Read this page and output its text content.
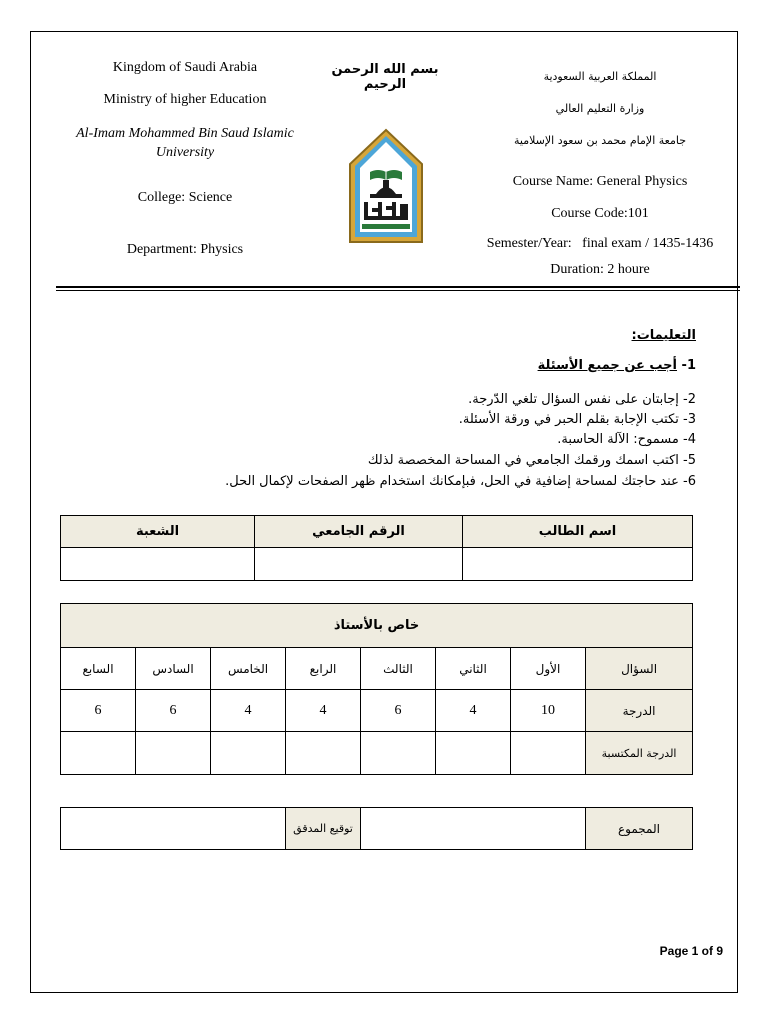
Kingdom of Saudi Arabia
Ministry of higher Education
Al-Imam Mohammed Bin Saud Islamic University
College: Science
Department: Physics
بسم الله الرحمن الرحيم
المملكة العربية السعودية
وزارة التعليم العالي
جامعة الإمام محمد بن سعود الإسلامية
Course Name: General Physics
Course Code:101
Semester/Year:   final exam / 1435-1436
Duration: 2 houre
التعليمات:
1- أجب عن جميع الأسئلة
2- إجابتان على نفس السؤال تلغي الدّرجة.
3- تكتب الإجابة بقلم الحبر في ورقة الأسئلة.
4- مسموح: الآلة الحاسبة.
5- اكتب اسمك ورقمك الجامعي في المساحة المخصصة لذلك
6- عند حاجتك لمساحة إضافية في الحل، فبإمكانك استخدام ظهر الصفحات لإكمال الحل.
الشعبة	الرقم الجامعي	اسم الطالب

خاص بالأستاذ							
السابع	السادس	الخامس	الرابع	الثالث	الثاني	الأول	السؤال
6	6	4	4	6	4	10	الدرجة
							الدرجة المكتسبة
	توقيع المدقق		المجموع
Page 1 of 9
